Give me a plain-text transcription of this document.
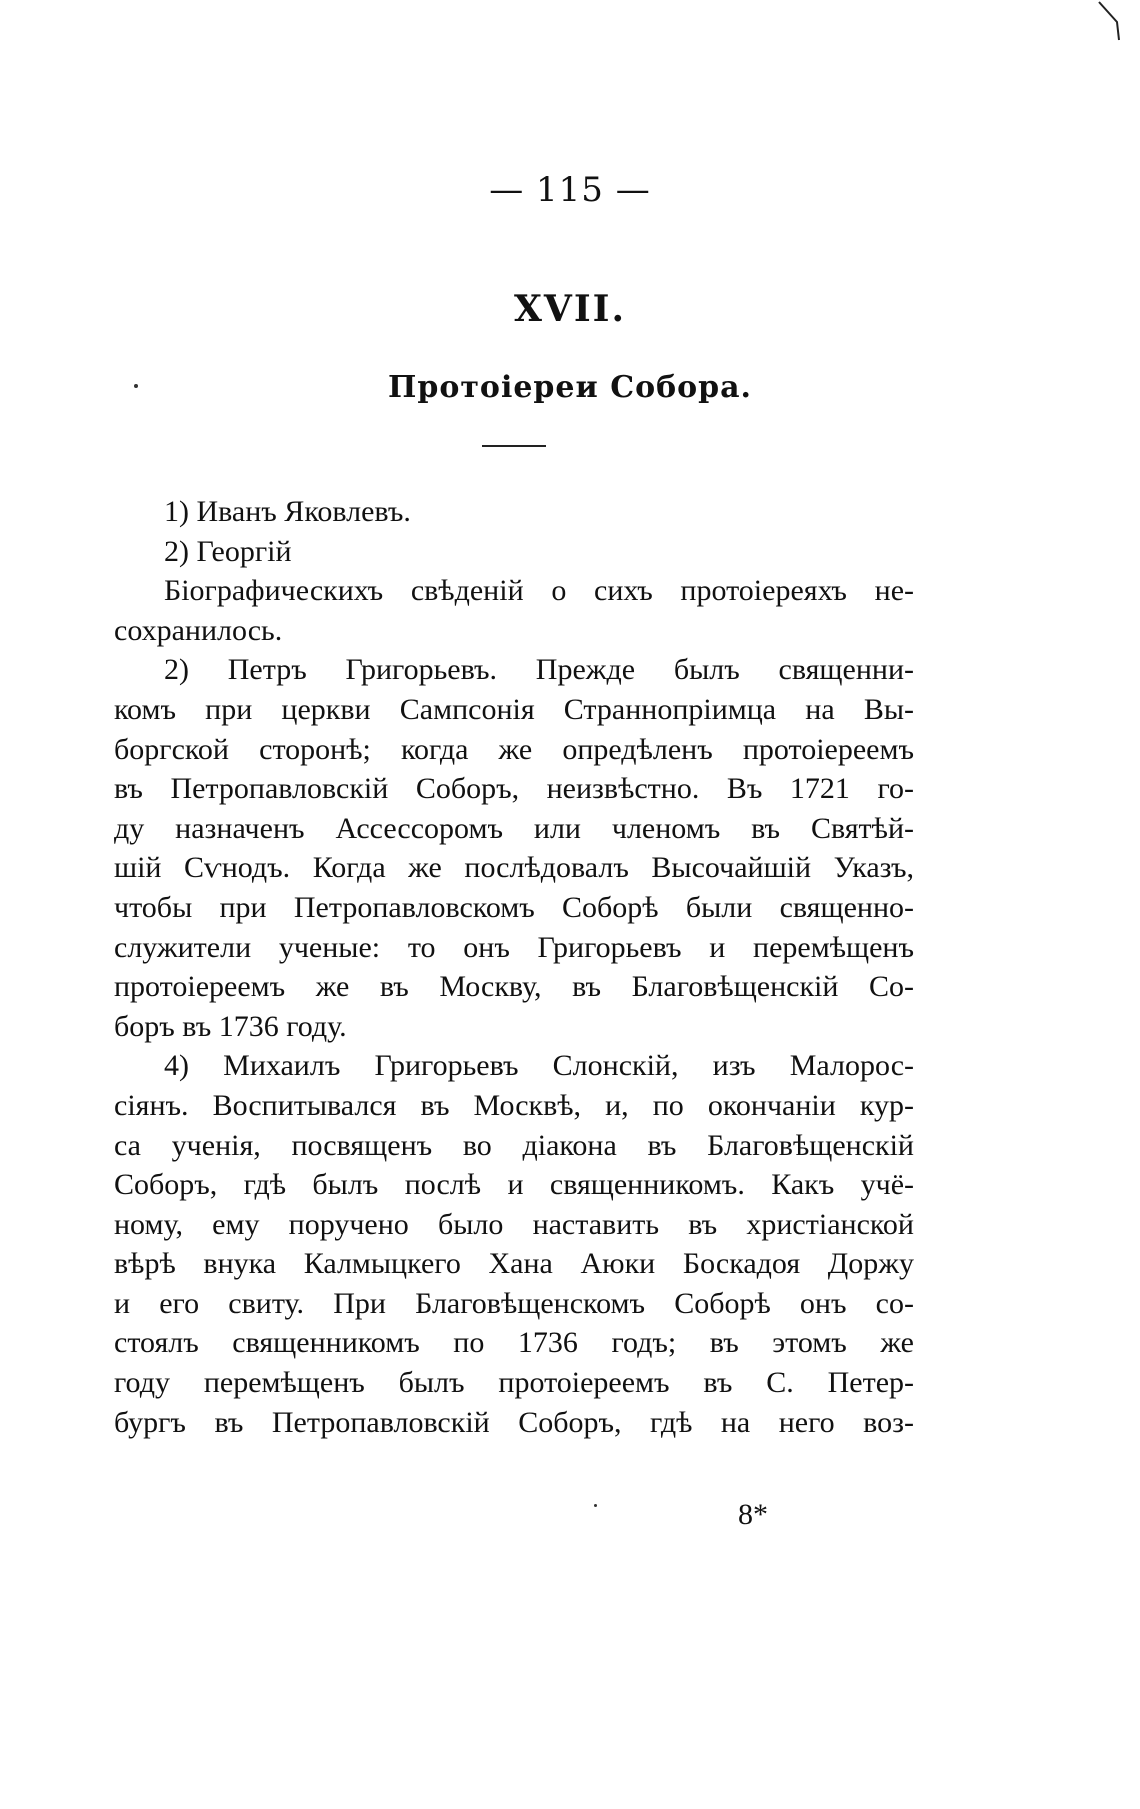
— 115 —
XVII.
Протоіереи Собора.
1) Иванъ Яковлевъ.
2) Георгій
Біографическихъ свѣденій о сихъ протоіереяхъ не-
сохранилось.
2) Петръ Григорьевъ. Прежде былъ священни-
комъ при церкви Сампсонія Страннопріимца на Вы-
боргской сторонѣ; когда же опредѣленъ протоіереемъ
въ Петропавловскій Соборъ, неизвѣстно. Въ 1721 го-
ду назначенъ Ассессоромъ или членомъ въ Святѣй-
шій Сѵнодъ. Когда же послѣдовалъ Высочайшій Указъ,
чтобы при Петропавловскомъ Соборѣ были священно-
служители ученые: то онъ Григорьевъ и перемѣщенъ
протоіереемъ же въ Москву, въ Благовѣщенскій Со-
боръ въ 1736 году.
4) Михаилъ Григорьевъ Слонскій, изъ Малорос-
сіянъ. Воспитывался въ Москвѣ, и, по окончаніи кур-
са ученія, посвященъ во діакона въ Благовѣщенскій
Соборъ, гдѣ былъ послѣ и священникомъ. Какъ учё-
ному, ему поручено было наставить въ христіанской
вѣрѣ внука Калмыцкего Хана Аюки Боскадоя Доржу
и его свиту. При Благовѣщенскомъ Соборѣ онъ со-
стоялъ священникомъ по 1736 годъ; въ этомъ же
году перемѣщенъ былъ протоіереемъ въ С. Петер-
бургъ въ Петропавловскій Соборъ, гдѣ на него воз-
8*
